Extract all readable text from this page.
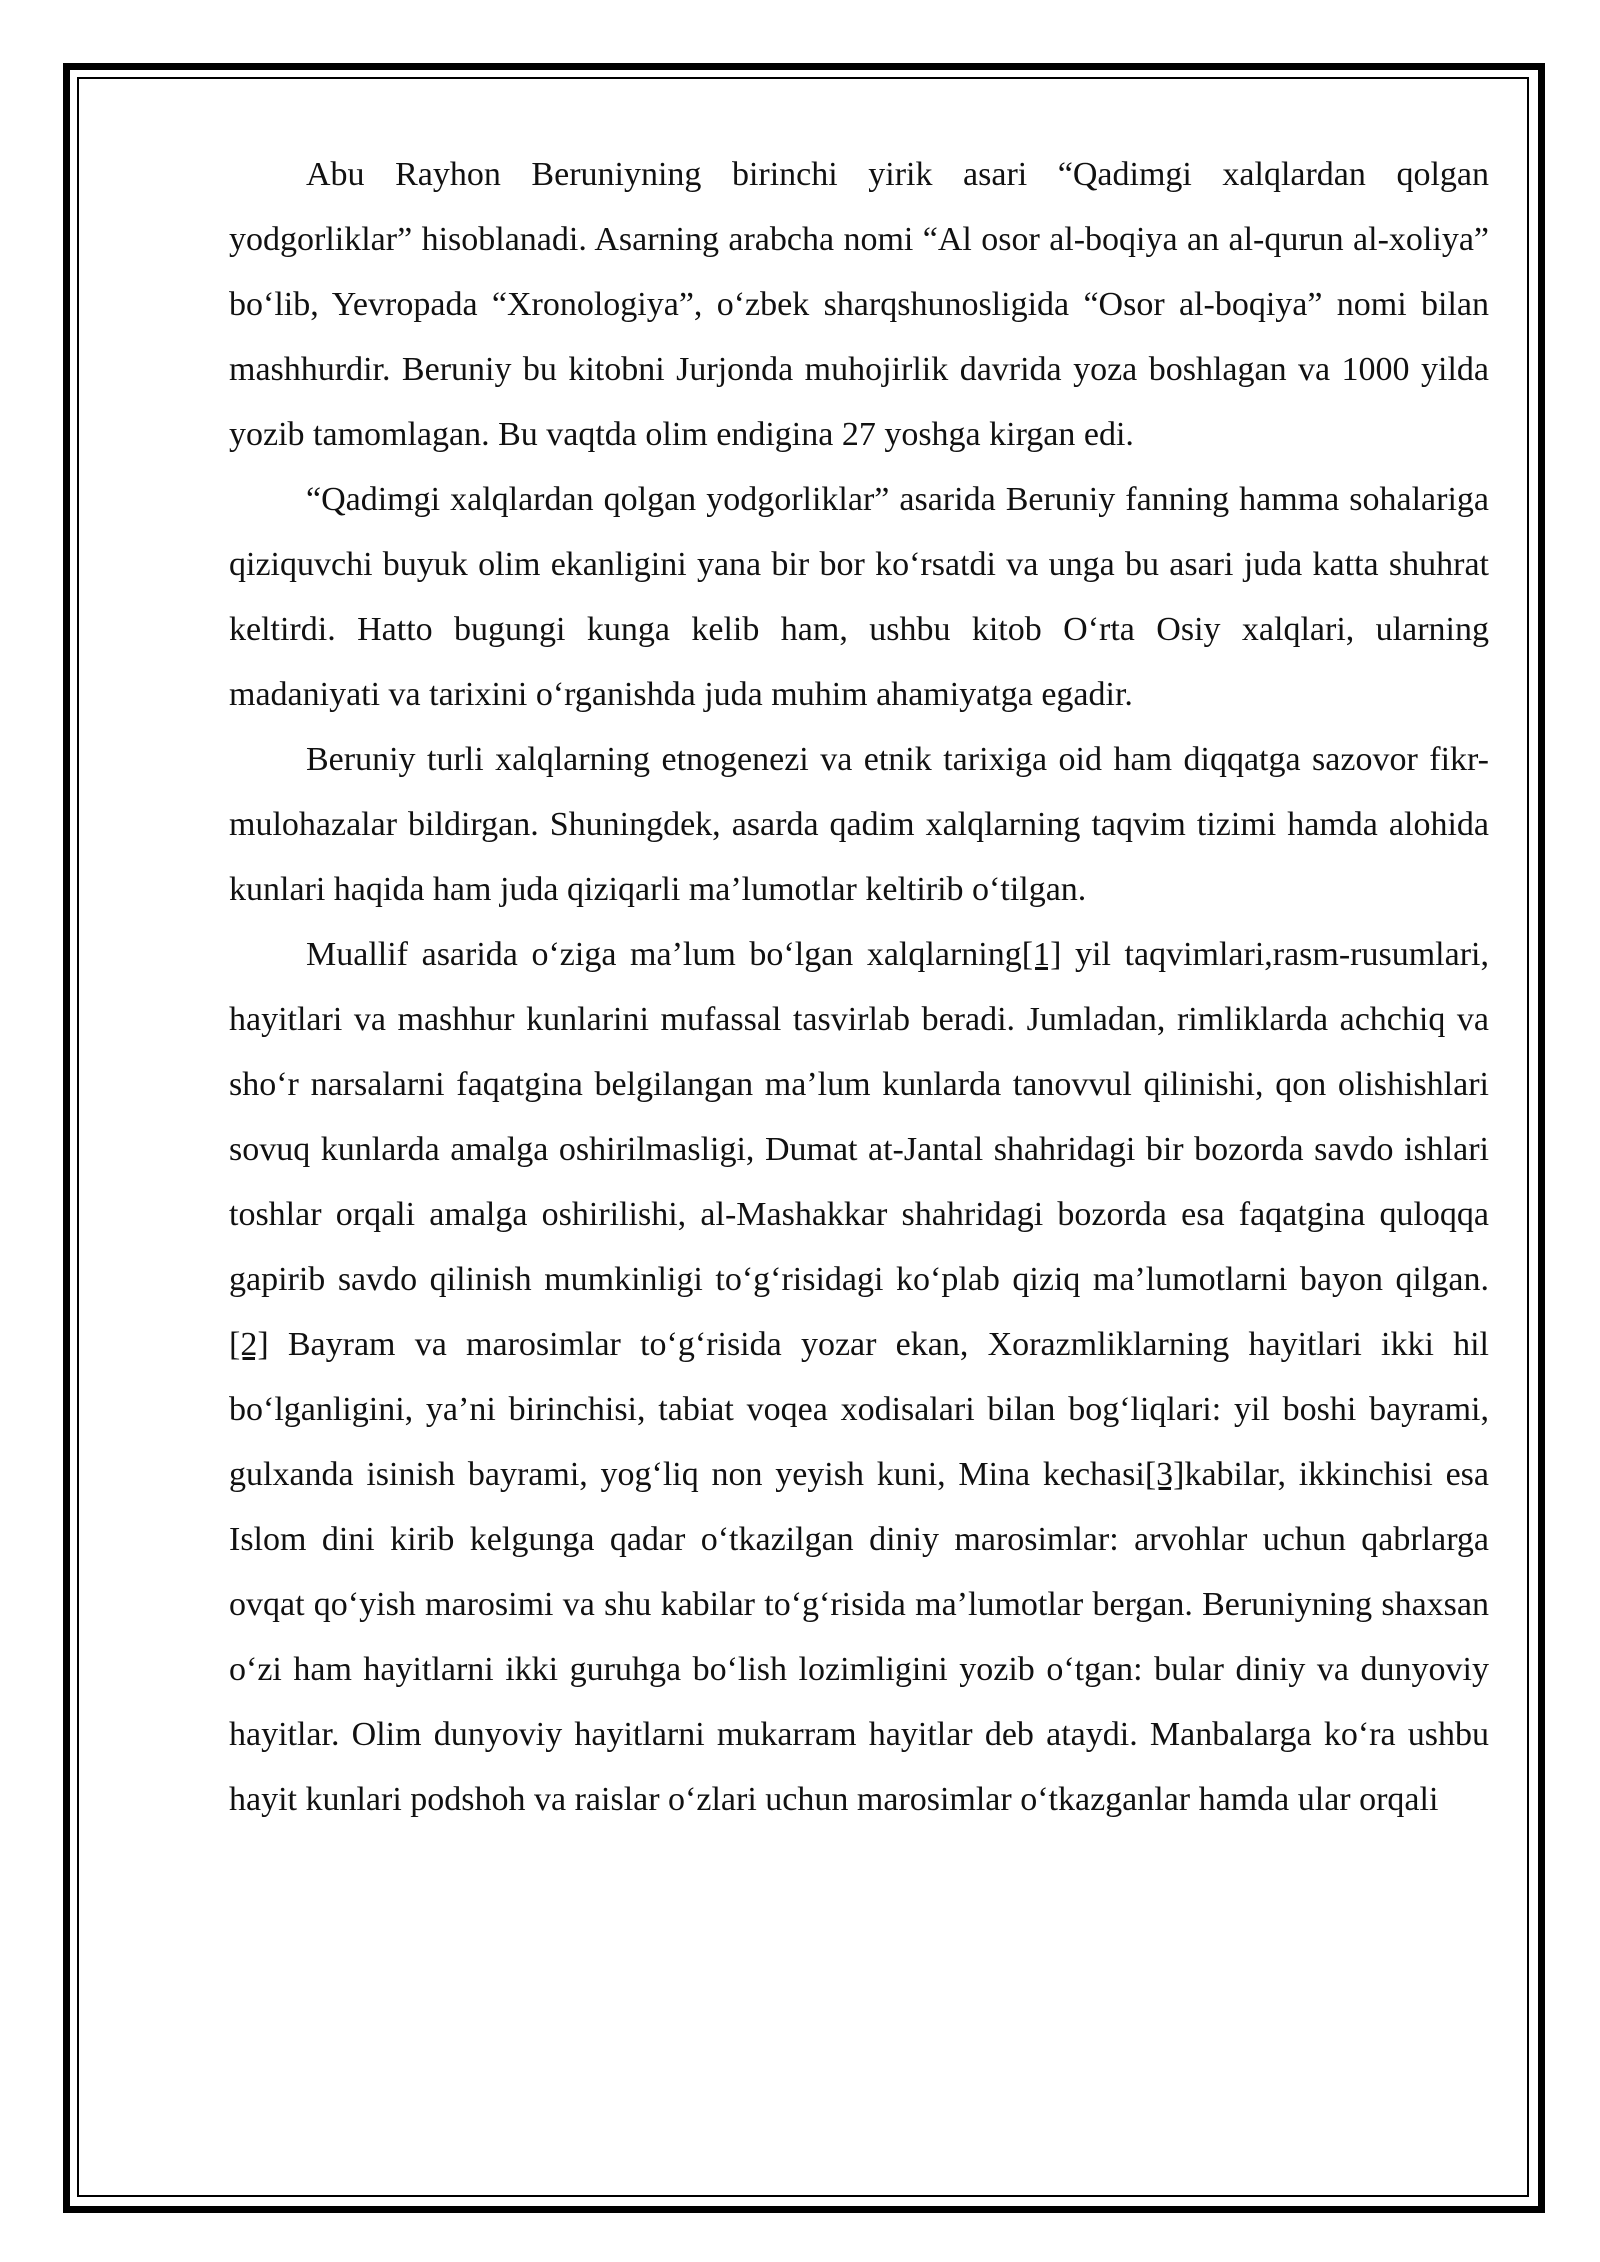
Abu Rayhon Beruniyning birinchi yirik asari “Qadimgi xalqlardan qolgan yodgorliklar” hisoblanadi. Asarning arabcha nomi “Al osor al-boqiya an al-qurun al-xoliya” bo‘lib, Yevropada “Xronologiya”, o‘zbek sharqshunosligida “Osor al-boqiya” nomi bilan mashhurdir. Beruniy bu kitobni Jurjonda muhojirlik davrida yoza boshlagan va 1000 yilda yozib tamomlagan. Bu vaqtda olim endigina 27 yoshga kirgan edi.

“Qadimgi xalqlardan qolgan yodgorliklar” asarida Beruniy fanning hamma sohalariga qiziquvchi buyuk olim ekanligini yana bir bor ko‘rsatdi va unga bu asari juda katta shuhrat keltirdi. Hatto bugungi kunga kelib ham, ushbu kitob O‘rta Osiy xalqlari, ularning madaniyati va tarixini o‘rganishda juda muhim ahamiyatga egadir.

Beruniy turli xalqlarning etnogenezi va etnik tarixiga oid ham diqqatga sazovor fikr-mulohazalar bildirgan. Shuningdek, asarda qadim xalqlarning taqvim tizimi hamda alohida kunlari haqida ham juda qiziqarli ma’lumotlar keltirib o‘tilgan.

Muallif asarida o‘ziga ma’lum bo‘lgan xalqlarning[1] yil taqvimlari,rasm-rusumlari, hayitlari va mashhur kunlarini mufassal tasvirlab beradi. Jumladan, rimliklarda achchiq va sho‘r narsalarni faqatgina belgilangan ma’lum kunlarda tanovvul qilinishi, qon olishishlari sovuq kunlarda amalga oshirilmasligi, Dumat at-Jantal shahridagi bir bozorda savdo ishlari toshlar orqali amalga oshirilishi, al-Mashakkar shahridagi bozorda esa faqatgina quloqqa gapirib savdo qilinish mumkinligi to‘g‘risidagi ko‘plab qiziq ma’lumotlarni bayon qilgan. [2] Bayram va marosimlar to‘g‘risida yozar ekan, Xorazmliklarning hayitlari ikki hil bo‘lganligini, ya’ni birinchisi, tabiat voqea xodisalari bilan bog‘liqlari: yil boshi bayrami, gulxanda isinish bayrami, yog‘liq non yeyish kuni, Mina kechasi[3]kabilar, ikkinchisi esa Islom dini kirib kelgunga qadar o‘tkazilgan diniy marosimlar: arvohlar uchun qabrlarga ovqat qo‘yish marosimi va shu kabilar to‘g‘risida ma’lumotlar bergan. Beruniyning shaxsan o‘zi ham hayitlarni ikki guruhga bo‘lish lozimligini yozib o‘tgan: bular diniy va dunyoviy hayitlar. Olim dunyoviy hayitlarni mukarram hayitlar deb ataydi. Manbalarga ko‘ra ushbu hayit kunlari podshoh va raislar o‘zlari uchun marosimlar o‘tkazganlar hamda ular orqali
